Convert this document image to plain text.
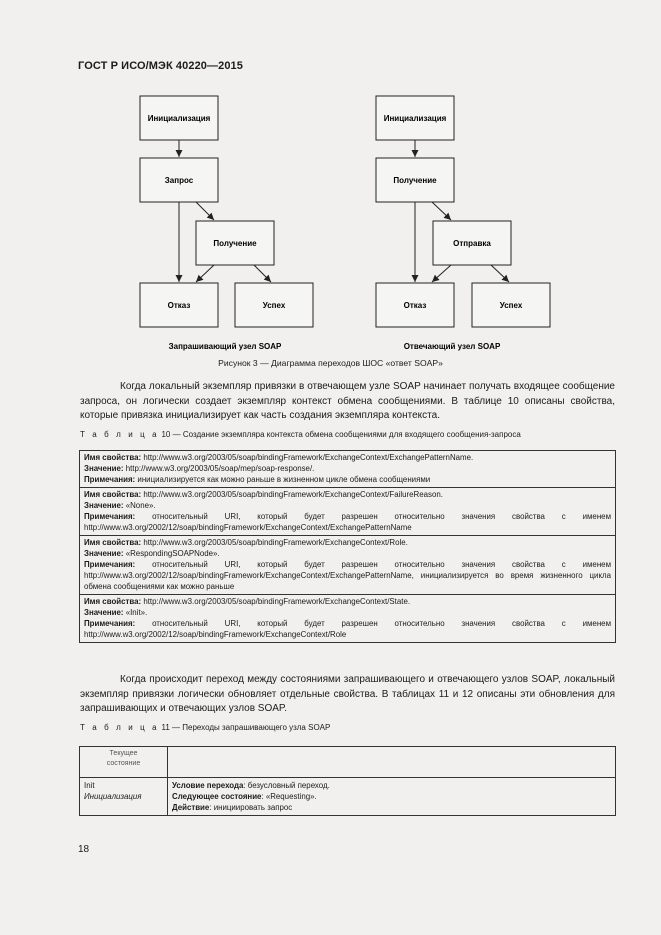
ГОСТ Р ИСО/МЭК 40220—2015
Инициализация
Запрос
Получение
Отказ	Успех
Запрашивающий узел SOAP
Инициализация
Получение
Отправка
Отказ	Успех
Отвечающий узел SOAP
Рисунок 3 — Диаграмма переходов ШОС «ответ SOAP»

Когда локальный экземпляр привязки в отвечающем узле SOAP начинает получать входящее сообщение запроса, он логически создает экземпляр контекст обмена сообщениями. В таблице 10 описаны свойства, которые привязка инициализирует как часть создания экземпляра контекста.

Т а б л и ц а 10 — Создание экземпляра контекста обмена сообщениями для входящего сообщения-запроса
Имя свойства: http://www.w3.org/2003/05/soap/bindingFramework/ExchangeContext/ExchangePatternName.
Значение: http://www.w3.org/2003/05/soap/mep/soap-response/.
Примечания: инициализируется как можно раньше в жизненном цикле обмена сообщениями

Имя свойства: http://www.w3.org/2003/05/soap/bindingFramework/ExchangeContext/FailureReason.
Значение: «None».
Примечания: относительный URI, который будет разрешен относительно значения свойства с именем http://www.w3.org/2002/12/soap/bindingFramework/ExchangeContext/ExchangePatternName

Имя свойства: http://www.w3.org/2003/05/soap/bindingFramework/ExchangeContext/Role.
Значение: «RespondingSOAPNode».
Примечания: относительный URI, который будет разрешен относительно значения свойства с именем http://www.w3.org/2002/12/soap/bindingFramework/ExchangeContext/ExchangePatternName, инициализируется во время жизненного цикла обмена сообщениями как можно раньше

Имя свойства: http://www.w3.org/2003/05/soap/bindingFramework/ExchangeContext/State.
Значение: «Init».
Примечания: относительный URI, который будет разрешен относительно значения свойства с именем http://www.w3.org/2002/12/soap/bindingFramework/ExchangeContext/Role

Когда происходит переход между состояниями запрашивающего и отвечающего узлов SOAP, локальный экземпляр привязки логически обновляет отдельные свойства. В таблицах 11 и 12 описаны эти обновления для запрашивающих и отвечающих узлов SOAP.

Т а б л и ц а 11 — Переходы запрашивающего узла SOAP
Текущее
состояние	

Init
Инициализация	Условие перехода: безусловный переход.
Следующее состояние: «Requesting».
Действие: инициировать запрос
18
